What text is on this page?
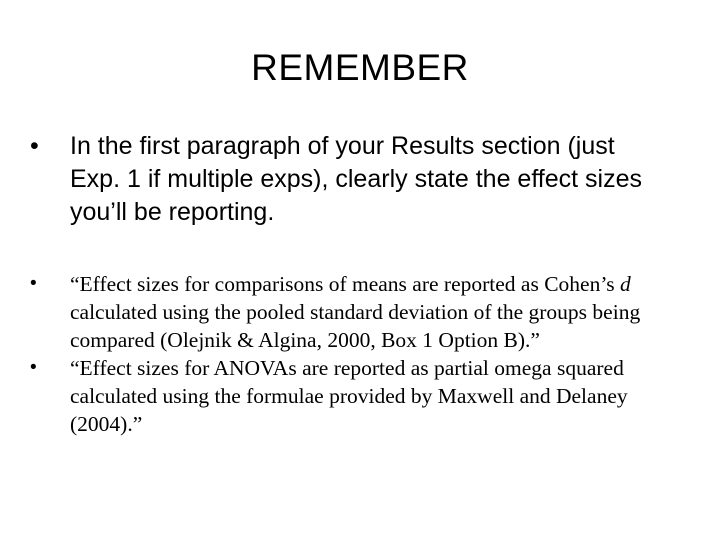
REMEMBER
• In the first paragraph of your Results section (just Exp. 1 if multiple exps), clearly state the effect sizes you’ll be reporting.
• “Effect sizes for comparisons of means are reported as Cohen’s d calculated using the pooled standard deviation of the groups being compared (Olejnik & Algina, 2000, Box 1 Option B).”
• “Effect sizes for ANOVAs are reported as partial omega squared calculated using the formulae provided by Maxwell and Delaney (2004).”
